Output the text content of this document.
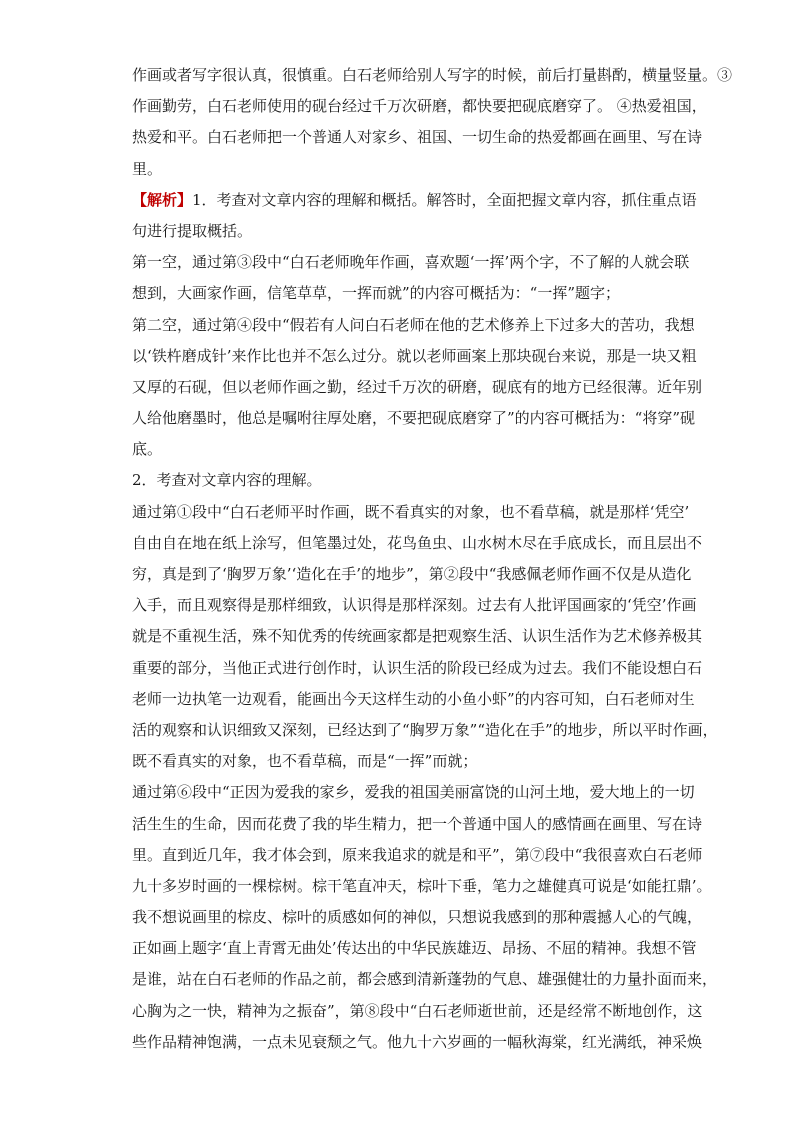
作画或者写字很认真，很慎重。白石老师给别人写字的时候，前后打量斟酌，横量竖量。③

作画勤劳，白石老师使用的砚台经过千万次研磨，都快要把砚底磨穿了。 ④热爱祖国，

热爱和平。白石老师把一个普通人对家乡、祖国、一切生命的热爱都画在画里、写在诗

里。

【解析】1．考查对文章内容的理解和概括。解答时，全面把握文章内容，抓住重点语

句进行提取概括。

第一空，通过第③段中“白石老师晚年作画，喜欢题‘一挥’两个字，不了解的人就会联

想到，大画家作画，信笔草草，一挥而就”的内容可概括为：“一挥”题字；

第二空，通过第④段中“假若有人问白石老师在他的艺术修养上下过多大的苦功，我想

以‘铁杵磨成针’来作比也并不怎么过分。就以老师画案上那块砚台来说，那是一块又粗

又厚的石砚，但以老师作画之勤，经过千万次的研磨，砚底有的地方已经很薄。近年别

人给他磨墨时，他总是嘱咐往厚处磨，不要把砚底磨穿了”的内容可概括为：“将穿”砚

底。

2．考查对文章内容的理解。

通过第①段中“白石老师平时作画，既不看真实的对象，也不看草稿，就是那样‘凭空’

自由自在地在纸上涂写，但笔墨过处，花鸟鱼虫、山水树木尽在手底成长，而且层出不

穷，真是到了‘胸罗万象’‘造化在手’的地步”，第②段中“我感佩老师作画不仅是从造化

入手，而且观察得是那样细致，认识得是那样深刻。过去有人批评国画家的‘凭空’作画

就是不重视生活，殊不知优秀的传统画家都是把观察生活、认识生活作为艺术修养极其

重要的部分，当他正式进行创作时，认识生活的阶段已经成为过去。我们不能设想白石

老师一边执笔一边观看，能画出今天这样生动的小鱼小虾”的内容可知，白石老师对生

活的观察和认识细致又深刻，已经达到了“胸罗万象”“造化在手”的地步，所以平时作画，

既不看真实的对象，也不看草稿，而是“一挥”而就；

通过第⑥段中“正因为爱我的家乡，爱我的祖国美丽富饶的山河土地，爱大地上的一切

活生生的生命，因而花费了我的毕生精力，把一个普通中国人的感情画在画里、写在诗

里。直到近几年，我才体会到，原来我追求的就是和平”，第⑦段中“我很喜欢白石老师

九十多岁时画的一棵棕树。棕干笔直冲天，棕叶下垂，笔力之雄健真可说是‘如能扛鼎’。

我不想说画里的棕皮、棕叶的质感如何的神似，只想说我感到的那种震撼人心的气魄，

正如画上题字‘直上青霄无曲处’传达出的中华民族雄迈、昂扬、不屈的精神。我想不管

是谁，站在白石老师的作品之前，都会感到清新蓬勃的气息、雄强健壮的力量扑面而来，

心胸为之一快，精神为之振奋”，第⑧段中“白石老师逝世前，还是经常不断地创作，这

些作品精神饱满，一点未见衰颓之气。他九十六岁画的一幅秋海棠，红光满纸，神采焕
